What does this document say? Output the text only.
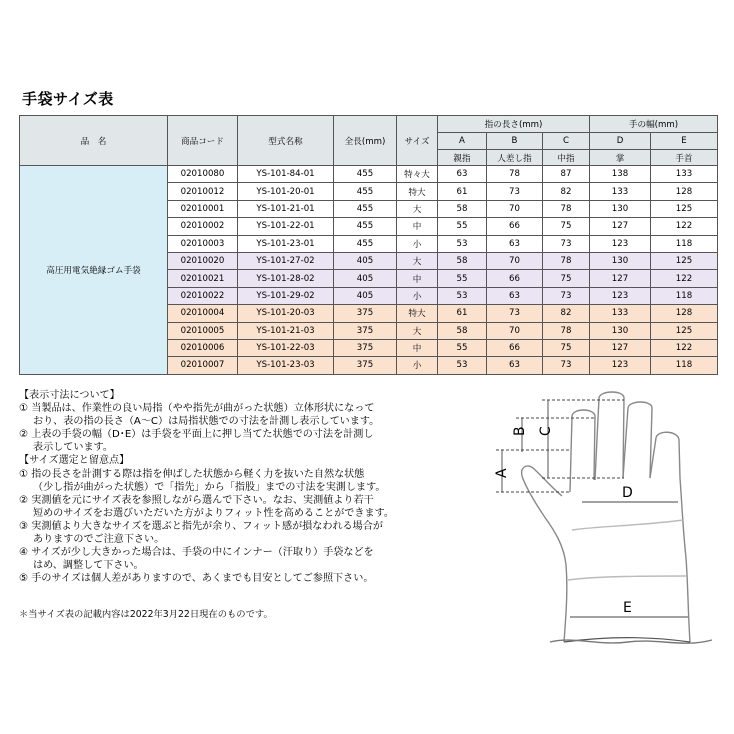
手袋サイズ表
品　名	商品コード	型式名称	全長(mm)	サイズ	指の長さ(mm)			手の幅(mm)	
					A	B	C	D	E
					親指	人差し指	中指	掌	手首
高圧用電気絶縁ゴム手袋	02010080	YS-101-84-01	455	特々大	63	78	87	138	133
	02010012	YS-101-20-01	455	特大	61	73	82	133	128
	02010001	YS-101-21-01	455	大	58	70	78	130	125
	02010002	YS-101-22-01	455	中	55	66	75	127	122
	02010003	YS-101-23-01	455	小	53	63	73	123	118
	02010020	YS-101-27-02	405	大	58	70	78	130	125
	02010021	YS-101-28-02	405	中	55	66	75	127	122
	02010022	YS-101-29-02	405	小	53	63	73	123	118
	02010004	YS-101-20-03	375	特大	61	73	82	133	128
	02010005	YS-101-21-03	375	大	58	70	78	130	125
	02010006	YS-101-22-03	375	中	55	66	75	127	122
	02010007	YS-101-23-03	375	小	53	63	73	123	118
【表示寸法について】
① 当製品は、作業性の良い局指（やや指先が曲がった状態）立体形状になって
おり、表の指の長さ（A～C）は局指状態での寸法を計測し表示しています。
② 上表の手袋の幅（D･E）は手袋を平面上に押し当てた状態での寸法を計測し
表示しています。
【サイズ選定と留意点】
① 指の長さを計測する際は指を伸ばした状態から軽く力を抜いた自然な状態
（少し指が曲がった状態）で「指先」から「指股」までの寸法を実測します。
② 実測値を元にサイズ表を参照しながら選んで下さい。なお、実測値より若干
短めのサイズをお選びいただいた方がよりフィット性を高めることができます。
③ 実測値より大きなサイズを選ぶと指先が余り、フィット感が損なわれる場合が
ありますのでご注意下さい。
④ サイズが少し大きかった場合は、手袋の中にインナー（汗取り）手袋などを
はめ、調整して下さい。
⑤ 手のサイズは個人差がありますので、あくまでも目安としてご参照下さい。
＊当サイズ表の記載内容は2022年3月22日現在のものです。
A
B C
D
E
